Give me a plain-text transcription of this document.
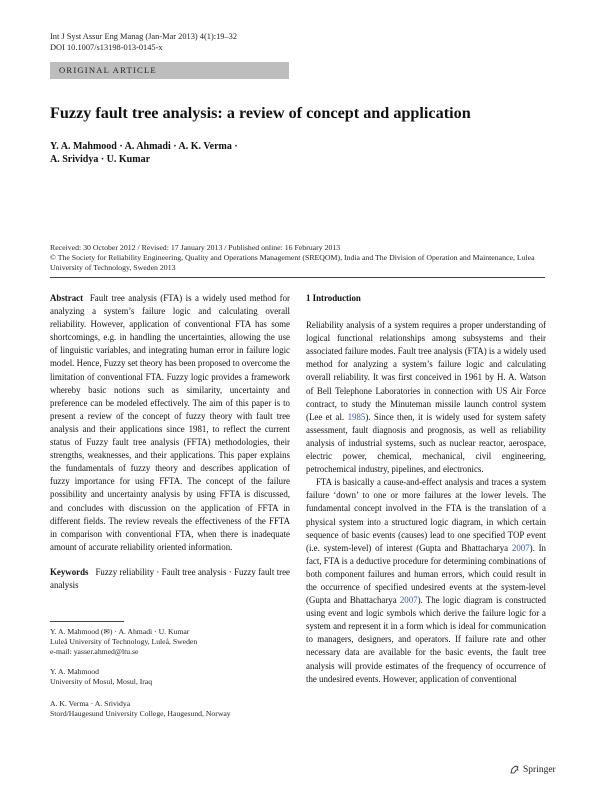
Int J Syst Assur Eng Manag (Jan-Mar 2013) 4(1):19–32
DOI 10.1007/s13198-013-0145-x
ORIGINAL ARTICLE
Fuzzy fault tree analysis: a review of concept and application
Y. A. Mahmood · A. Ahmadi · A. K. Verma ·
A. Srividya · U. Kumar
Received: 30 October 2012 / Revised: 17 January 2013 / Published online: 16 February 2013
© The Society for Reliability Engineering, Quality and Operations Management (SREQOM), India and The Division of Operation and Maintenance, Lulea University of Technology, Sweden 2013

Abstract Fault tree analysis (FTA) is a widely used method for analyzing a system’s failure logic and calculating overall reliability. However, application of conventional FTA has some shortcomings, e.g. in handling the uncertainties, allowing the use of linguistic variables, and integrating human error in failure logic model. Hence, Fuzzy set theory has been proposed to overcome the limitation of conventional FTA. Fuzzy logic provides a framework whereby basic notions such as similarity, uncertainty and preference can be modeled effectively. The aim of this paper is to present a review of the concept of fuzzy theory with fault tree analysis and their applications since 1981, to reflect the current status of Fuzzy fault tree analysis (FFTA) methodologies, their strengths, weaknesses, and their applications. This paper explains the fundamentals of fuzzy theory and describes application of fuzzy importance for using FFTA. The concept of the failure possibility and uncertainty analysis by using FFTA is discussed, and concludes with discussion on the application of FFTA in different fields. The review reveals the effectiveness of the FFTA in comparison with conventional FTA, when there is inadequate amount of accurate reliability oriented information.

Keywords Fuzzy reliability · Fault tree analysis · Fuzzy fault tree analysis

Y. A. Mahmood (✉) · A. Ahmadi · U. Kumar
Luleå University of Technology, Luleå, Sweden
e-mail: yasser.ahmed@ltu.se
Y. A. Mahmood
University of Mosul, Mosul, Iraq
A. K. Verma · A. Srividya
Stord/Haugesund University College, Haugesund, Norway
1 Introduction

Reliability analysis of a system requires a proper understanding of logical functional relationships among subsystems and their associated failure modes. Fault tree analysis (FTA) is a widely used method for analyzing a system’s failure logic and calculating overall reliability. It was first conceived in 1961 by H. A. Watson of Bell Telephone Laboratories in connection with US Air Force contract, to study the Minuteman missile launch control system (Lee et al. 1985). Since then, it is widely used for system safety assessment, fault diagnosis and prognosis, as well as reliability analysis of industrial systems, such as nuclear reactor, aerospace, electric power, chemical, mechanical, civil engineering, petrochemical industry, pipelines, and electronics.

FTA is basically a cause-and-effect analysis and traces a system failure ‘down’ to one or more failures at the lower levels. The fundamental concept involved in the FTA is the translation of a physical system into a structured logic diagram, in which certain sequence of basic events (causes) lead to one specified TOP event (i.e. system-level) of interest (Gupta and Bhattacharya 2007). In fact, FTA is a deductive procedure for determining combinations of both component failures and human errors, which could result in the occurrence of specified undesired events at the system-level (Gupta and Bhattacharya 2007). The logic diagram is constructed using event and logic symbols which derive the failure logic for a system and represent it in a form which is ideal for communication to managers, designers, and operators. If failure rate and other necessary data are available for the basic events, the fault tree analysis will provide estimates of the frequency of occurrence of the undesired events. However, application of conventional

Springer
